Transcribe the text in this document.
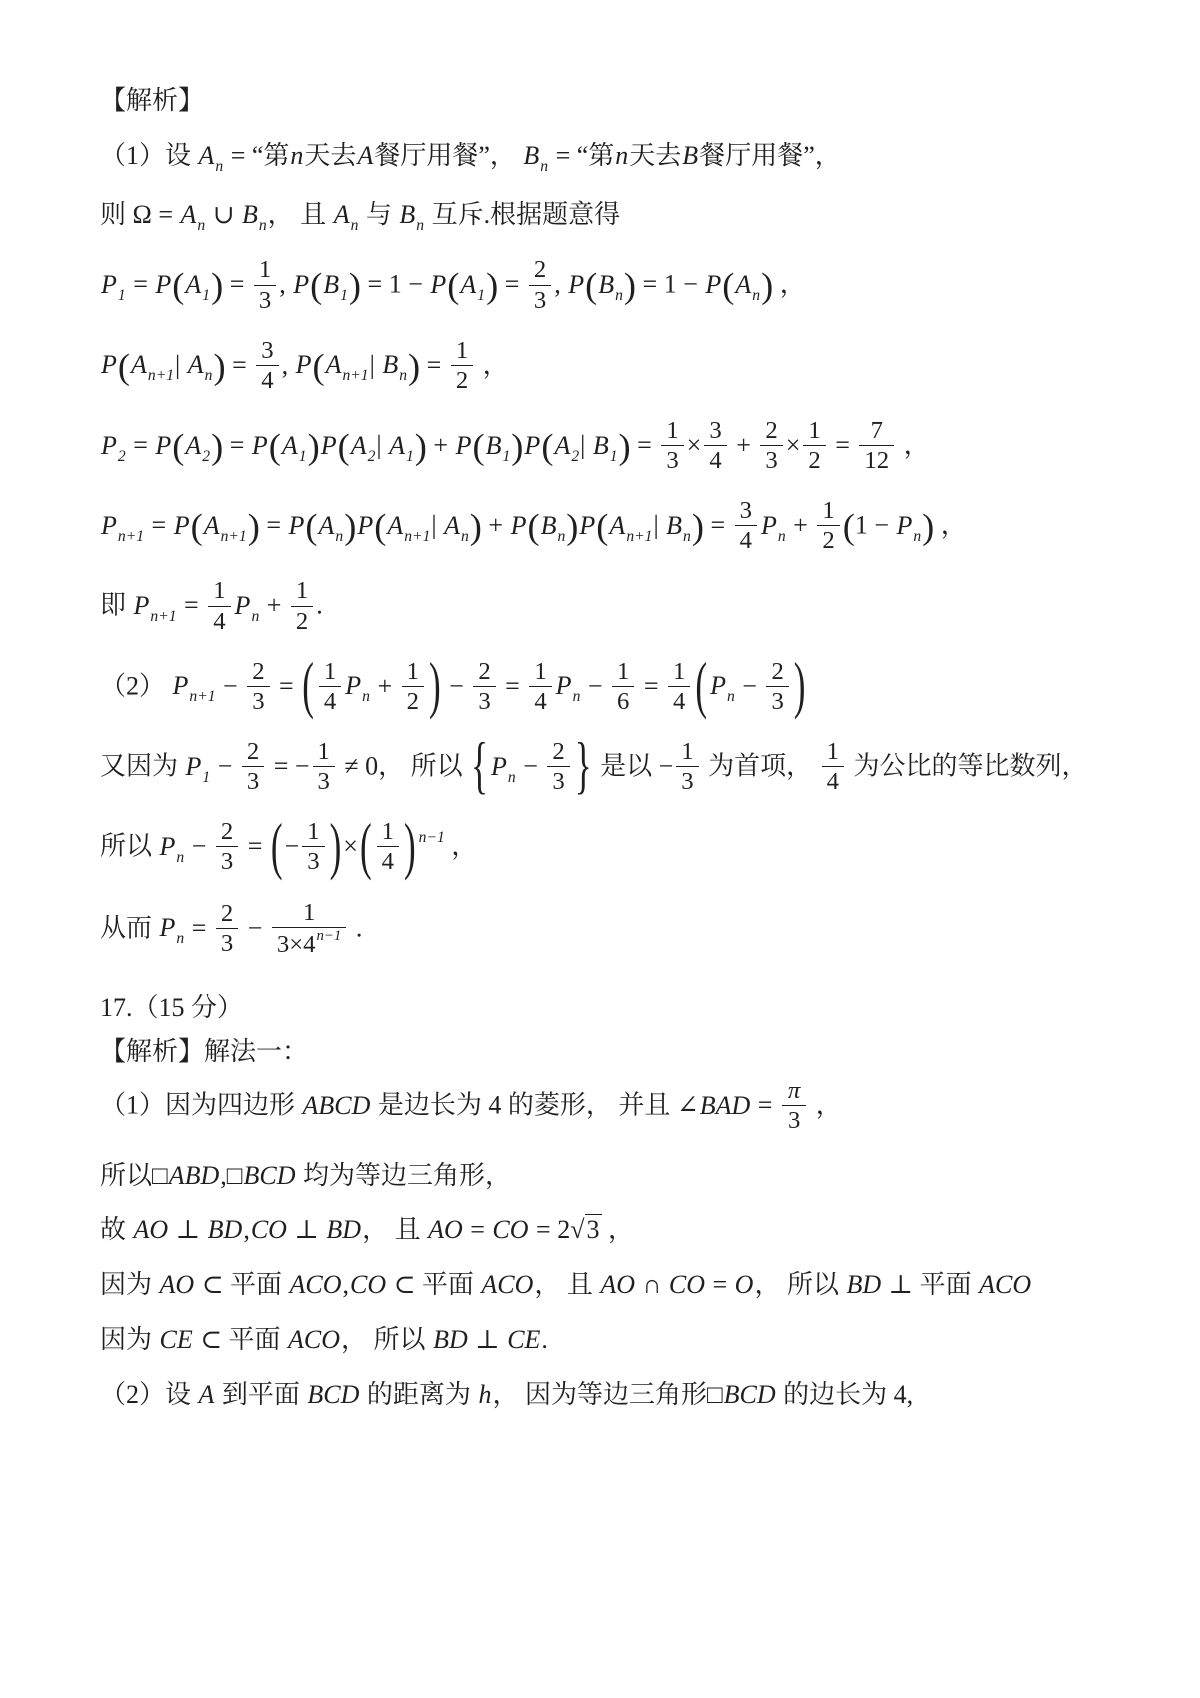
【解析】
（1）设 $A_n$ = “第n天去A餐厅用餐”， $B_n$ = “第n天去B餐厅用餐”，
则 $\Omega = A_n$ ∪ $B_n$， 且 $A_n$ 与 $B_n$ 互斥.根据题意得
$P_1 = P(A_1) = \frac{1}{3}$ , $P(B_1) = 1 - P(A_1) = \frac{2}{3}$ , $P(B_n) = 1 - P(A_n)$ ，
$P(A_{n+1}|$ $A_n) = \frac{3}{4}$ , $P(A_{n+1}|$ $B_n) = \frac{1}{2}$ ，
$P_2 = P(A_2) = P(A_1)P(A_2|$ $A_1) + P(B_1)P(A_2|$ $B_1) = \frac{1}{3} \times \frac{3}{4} + \frac{2}{3} \times \frac{1}{2} = \frac{7}{12}$ ，
$P_{n+1} = P(A_{n+1}) = P(A_n)P(A_{n+1}|$ $A_n) + P(B_n)P(A_{n+1}|$ $B_n) = \frac{3}{4} P_n + \frac{1}{2} (1 - P_n)$ ，
即 $P_{n+1} = \frac{1}{4} P_n + \frac{1}{2}$ .
（2） $P_{n+1} - \frac{2}{3}$ = ( $\frac{1}{4} P_n + \frac{1}{2}$ ) − $\frac{2}{3} = \frac{1}{4} P_n - \frac{1}{6} = \frac{1}{4}$ ( $P_n - \frac{2}{3}$ )
又因为 $P_1 - \frac{2}{3}$ = − $\frac{1}{3} \ne 0$， 所以 { $P_n - \frac{2}{3}$ } 是以 − $\frac{1}{3}$ 为首项， $\frac{1}{4}$ 为公比的等比数列，
所以 $P_n - \frac{2}{3}$ = (− $\frac{1}{3}$ )×( $\frac{1}{4}$ ) $^{n-1}$ ，
从而 $P_n = \frac{2}{3} - \frac{1}{3\times 4^{n-1}}$ .
17.（15 分）
【解析】解法一：
（1）因为四边形 ABCD 是边长为 4 的菱形， 并且 ∠BAD = $\frac{\pi}{3}$ ，
所以□ABD,□BCD 均为等边三角形，
故 AO ⊥ BD,CO ⊥ BD， 且 AO = CO = 2√3 ，
因为 AO ⊂ 平面 ACO,CO ⊂ 平面 ACO， 且 AO ∩ CO = O， 所以 BD ⊥ 平面 ACO
因为 CE ⊂ 平面 ACO， 所以 BD ⊥ CE.
（2）设 A 到平面 BCD 的距离为 h， 因为等边三角形□BCD 的边长为 4,
